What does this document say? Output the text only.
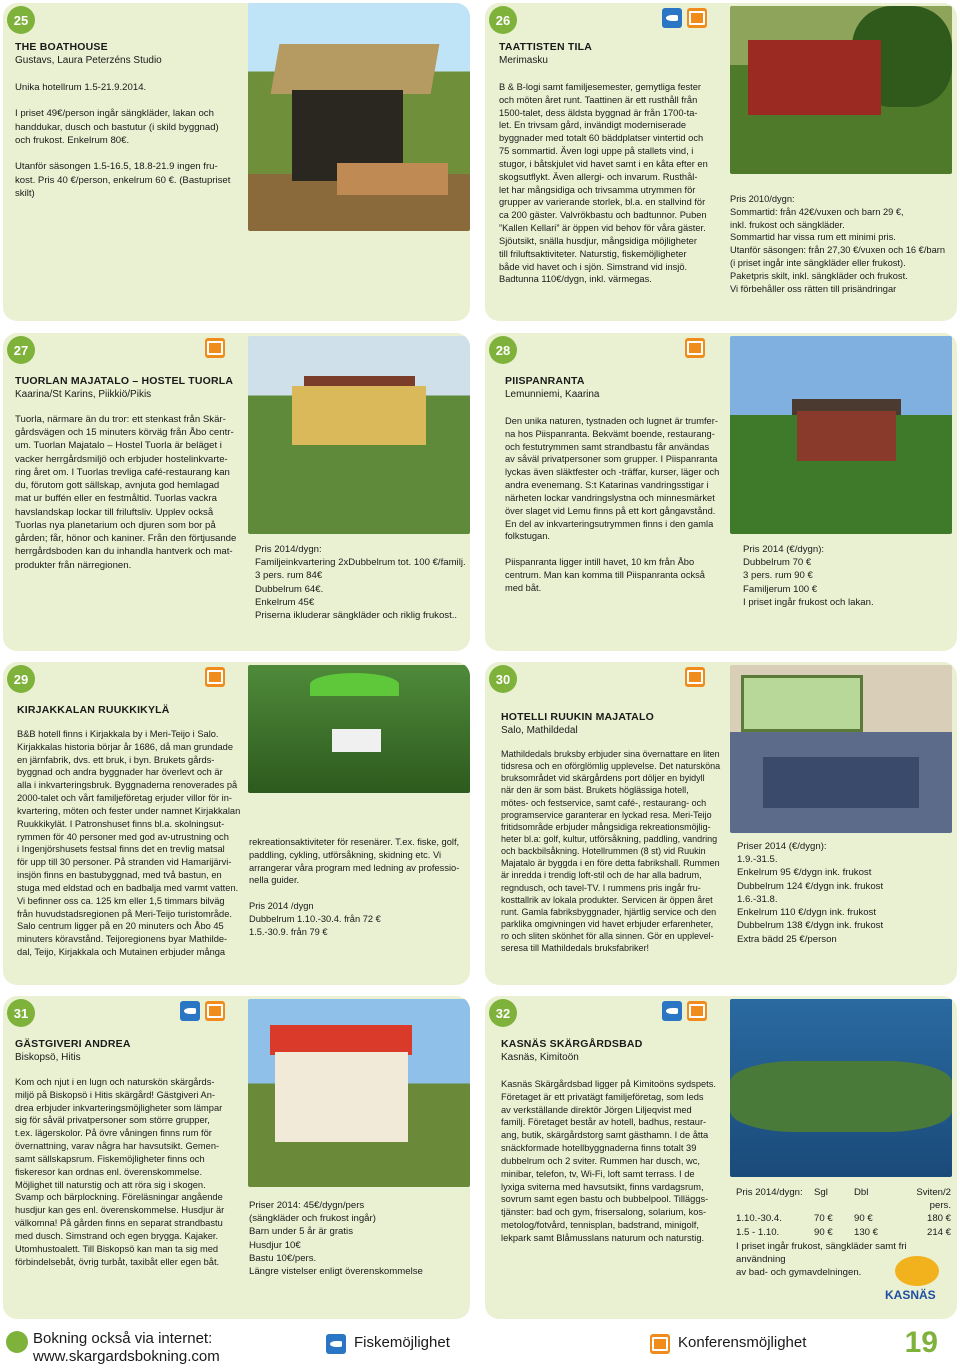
25
THE BOATHOUSE
Gustavs, Laura Peterzéns Studio
Unika hotellrum 1.5-21.9.2014.

I priset 49€/person ingår sängkläder, lakan och
handdukar, dusch och bastutur (i skild byggnad)
och frukost. Enkelrum 80€.

Utanför säsongen 1.5-16.5, 18.8-21.9 ingen fru-
kost. Pris 40 €/person, enkelrum 60 €. (Bastupriset
skilt)
26
TAATTISTEN TILA
Merimasku
B & B-logi samt familjesemester, gemytliga fester
och möten året runt. Taattinen är ett rusthåll från
1500-talet, dess äldsta byggnad är från 1700-ta-
let. En trivsam gård, invändigt moderniserade
byggnader med totalt 60 bäddplatser vintertid och
75 sommartid. Även logi uppe på stallets vind, i
stugor, i båtskjulet vid havet samt i en kåta efter en
skogsutflykt. Även allergi- och invarum. Rusthål-
let har mångsidiga och trivsamma utrymmen för
grupper av varierande storlek, bl.a. en stallvind för
ca 200 gäster. Valvrökbastu och badtunnor. Puben
”Kallen Kellari” är öppen vid behov för våra gäster.
Sjöutsikt, snälla husdjur, mångsidiga möjligheter
till friluftsaktiviteter. Naturstig, fiskemöjligheter
både vid havet och i sjön. Simstrand vid insjö.
Badtunna 110€/dygn, inkl. värmegas.
Pris 2010/dygn:
Sommartid: från 42€/vuxen och barn 29 €,
inkl. frukost och sängkläder.
Sommartid har vissa rum ett minimi pris.
Utanför säsongen: från 27,30 €/vuxen och 16 €/barn
(i priset ingår inte sängkläder eller frukost).
Paketpris skilt, inkl. sängkläder och frukost.
Vi förbehåller oss rätten till prisändringar
27
TUORLAN MAJATALO – HOSTEL TUORLA
Kaarina/St Karins, Piikkiö/Pikis
Tuorla, närmare än du tror: ett stenkast från Skär-
gårdsvägen och 15 minuters körväg från Åbo centr-
um. Tuorlan Majatalo – Hostel Tuorla är beläget i
vacker herrgårdsmiljö och erbjuder hostelinkvarte-
ring året om. I Tuorlas trevliga café-restaurang kan
du, förutom gott sällskap, avnjuta god hemlagad
mat ur buffén eller en festmåltid. Tuorlas vackra
havslandskap lockar till friluftsliv. Upplev också
Tuorlas nya planetarium och djuren som bor på
gården; får, hönor och kaniner. Från den förtjusande
herrgårdsboden kan du inhandla hantverk och mat-
produkter från närregionen.
Pris 2014/dygn:
Familjeinkvartering 2xDubbelrum tot. 100 €/familj.
3 pers. rum 84€
Dubbelrum 64€.
Enkelrum 45€
Priserna ikluderar sängkläder och riklig frukost..
28
PIISPANRANTA
Lemunniemi, Kaarina
Den unika naturen, tystnaden och lugnet är trumfer-
na hos Piispanranta. Bekvämt boende, restaurang-
och festutrymmen samt strandbastu får användas
av såväl privatpersoner som grupper. I Piispanranta
lyckas även släktfester och -träffar, kurser, läger och
andra evenemang. S:t Katarinas vandringsstigar i
närheten lockar vandringslystna och minnesmärket
över slaget vid Lemu finns på ett kort gångavstånd.
En del av inkvarteringsutrymmen finns i den gamla
folkstugan.

Piispanranta ligger intill havet, 10 km från Åbo
centrum. Man kan komma till Piispanranta också
med båt.
Pris 2014 (€/dygn):
Dubbelrum 70 €
3 pers. rum 90 €
Familjerum 100 €
I priset ingår frukost och lakan.
29
KIRJAKKALAN RUUKKIKYLÄ
B&B hotell finns i Kirjakkala by i Meri-Teijo i Salo.
Kirjakkalas historia börjar år 1686, då man grundade
en järnfabrik, dvs. ett bruk, i byn. Brukets gårds-
byggnad och andra byggnader har överlevt och är
alla i inkvarteringsbruk. Byggnaderna renoverades på
2000-talet och vårt familjeföretag erjuder villor för in-
kvartering, möten och fester under namnet Kirjakkalan
Ruukkikylät. I Patronshuset finns bl.a. skolningsut-
rymmen för 40 personer med god av-utrustning och
i Ingenjörshusets festsal finns det en trevlig matsal
för upp till 30 personer. På stranden vid Hamarijärvi-
insjön finns en bastubyggnad, med två bastun, en
stuga med eldstad och en badbalja med varmt vatten.
Vi befinner oss ca. 125 km eller 1,5 timmars bilväg
från huvudstadsregionen på Meri-Teijo turistområde.
Salo centrum ligger på en 20 minuters och Åbo 45
minuters köravstånd. Teijoregionens byar Mathilde-
dal, Teijo, Kirjakkala och Mutainen erbjuder många
rekreationsaktiviteter för resenärer. T.ex. fiske, golf,
paddling, cykling, utförsåkning, skidning etc. Vi
arrangerar våra program med ledning av professio-
nella guider.

Pris 2014 /dygn
Dubbelrum 1.10.-30.4. från 72 €
1.5.-30.9. från 79 €
30
HOTELLI RUUKIN MAJATALO
Salo, Mathildedal
Mathildedals bruksby erbjuder sina övernattare en liten
tidsresa och en oförglömlig upplevelse. Det natursköna
bruksområdet vid skärgårdens port döljer en byidyll
när den är som bäst. Brukets höglässiga hotell,
mötes- och festservice, samt café-, restaurang- och
programservice garanterar en lyckad resa. Meri-Teijo
fritidsområde erbjuder mångsidiga rekreationsmöjlig-
heter bl.a: golf, kultur, utförsåkning, paddling, vandring
och backbilsåkning. Hotellrummen (8 st) vid Ruukin
Majatalo är byggda i en före detta fabrikshall. Rummen
är inredda i trendig loft-stil och de har alla badrum,
regndusch, och tavel-TV. I rummens pris ingår fru-
kosttallrik av lokala produkter. Servicen är öppen året
runt. Gamla fabriksbyggnader, hjärtlig service och den
parklika omgivningen vid havet erbjuder erfarenheter,
ro och sliten skönhet för alla sinnen. Gör en upplevel-
seresa till Mathildedals bruksfabriker!
Priser 2014 (€/dygn):
1.9.-31.5.
Enkelrum 95 €/dygn ink. frukost
Dubbelrum 124 €/dygn ink. frukost
1.6.-31.8.
Enkelrum 110 €/dygn ink. frukost
Dubbelrum 138 €/dygn ink. frukost
Extra bädd 25 €/person
31
GÄSTGIVERI ANDREA
Biskopsö, Hitis
Kom och njut i en lugn och naturskön skärgårds-
miljö på Biskopsö i Hitis skärgård! Gästgiveri An-
drea erbjuder inkvarteringsmöjligheter som lämpar
sig för såväl privatpersoner som större grupper,
t.ex. lägerskolor. På övre våningen finns rum för
övernattning, varav några har havsutsikt. Gemen-
samt sällskapsrum. Fiskemöjligheter finns och
fiskeresor kan ordnas enl. överenskommelse.
Möjlighet till naturstig och att röra sig i skogen.
Svamp och bärplockning. Föreläsningar angående
husdjur kan ges enl. överenskommelse. Husdjur är
välkomna! På gården finns en separat strandbastu
med dusch. Simstrand och egen brygga. Kajaker.
Utomhustoalett. Till Biskopsö kan man ta sig med
förbindelsebåt, övrig turbåt, taxibåt eller egen båt.
Priser 2014: 45€/dygn/pers
(sängkläder och frukost ingår)
Barn under 5 år är gratis
Husdjur 10€
Bastu 10€/pers.
Längre vistelser enligt överenskommelse
32
KASNÄS SKÄRGÅRDSBAD
Kasnäs, Kimitoön
Kasnäs Skärgårdsbad ligger på Kimitoöns sydspets.
Företaget är ett privatägt familjeföretag, som leds
av verkställande direktör Jörgen Liljeqvist med
familj. Företaget består av hotell, badhus, restaur-
ang, butik, skärgårdstorg samt gästhamn. I de åtta
snäckformade hotellbyggnaderna finns totalt 39
dubbelrum och 2 sviter. Rummen har dusch, wc,
minibar, telefon, tv, Wi-Fi, loft samt terrass. I de
lyxiga sviterna med havsutsikt, finns vardagsrum,
sovrum samt egen bastu och bubbelpool. Tilläggs-
tjänster: bad och gym, frisersalong, solarium, kos-
metolog/fotvård, tennisplan, badstrand, minigolf,
lekpark samt Blåmusslans naturum och naturstig.
Pris 2014/dygn:	Sgl	Dbl	Sviten/2 pers.
1.10.-30.4.	70 €	90 €	180 €
1.5 - 1.10.	90 €	130 €	214 €
I priset ingår frukost, sängkläder samt fri användning
av bad- och gymavdelningen.
KASNÄS
Bokning också via internet:
www.skargardsbokning.com
Fiskemöjlighet	Konferensmöjlighet	19
